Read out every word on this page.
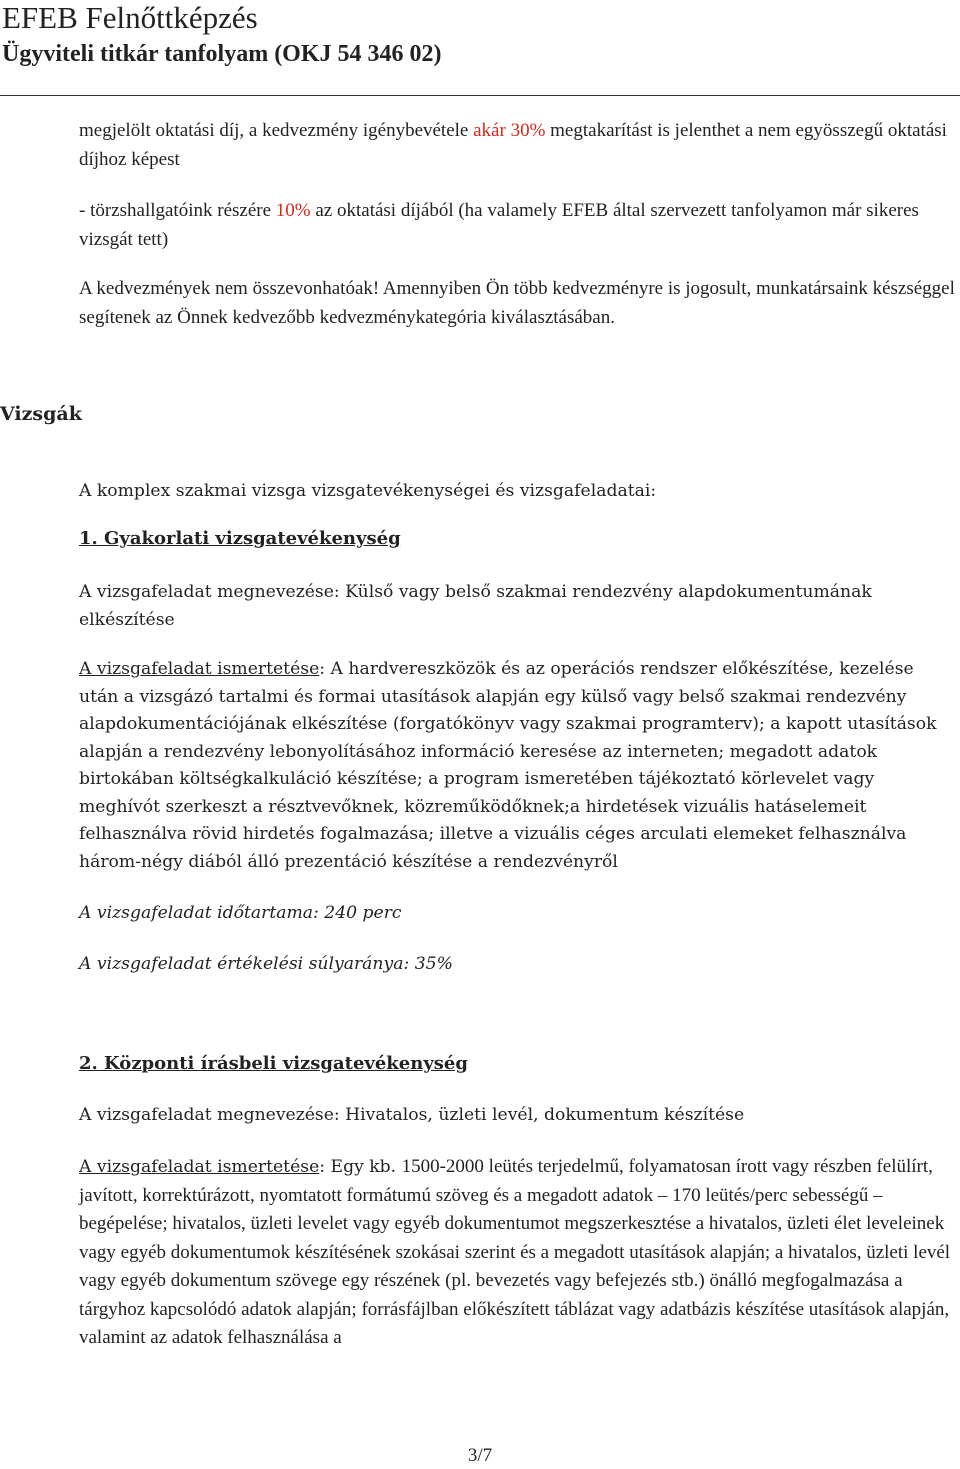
EFEB Felnőttképzés
Ügyviteli titkár tanfolyam (OKJ 54 346 02)

megjelölt oktatási díj, a kedvezmény igénybevétele akár 30% megtakarítást is jelenthet a nem egyösszegű oktatási díjhoz képest

- törzshallgatóink részére 10% az oktatási díjából (ha valamely EFEB által szervezett tanfolyamon már sikeres vizsgát tett)

A kedvezmények nem összevonhatóak! Amennyiben Ön több kedvezményre is jogosult, munkatársaink készséggel segítenek az Önnek kedvezőbb kedvezménykategória kiválasztásában.

Vizsgák

A komplex szakmai vizsga vizsgatevékenységei és vizsgafeladatai:

1. Gyakorlati vizsgatevékenység

A vizsgafeladat megnevezése: Külső vagy belső szakmai rendezvény alapdokumentumának elkészítése

A vizsgafeladat ismertetése: A hardvereszközök és az operációs rendszer előkészítése, kezelése után a vizsgázó tartalmi és formai utasítások alapján egy külső vagy belső szakmai rendezvény alapdokumentációjának elkészítése (forgatókönyv vagy szakmai programterv); a kapott utasítások alapján a rendezvény lebonyolításához információ keresése az interneten; megadott adatok birtokában költségkalkuláció készítése; a program ismeretében tájékoztató körlevelet vagy meghívót szerkeszt a résztvevőknek, közreműködőknek;a hirdetések vizuális hatáselemeit felhasználva rövid hirdetés fogalmazása; illetve a vizuális céges arculati elemeket felhasználva három-négy diából álló prezentáció készítése a rendezvényről

A vizsgafeladat időtartama: 240 perc

A vizsgafeladat értékelési súlyaránya: 35%

2. Központi írásbeli vizsgatevékenység

A vizsgafeladat megnevezése: Hivatalos, üzleti levél, dokumentum készítése

A vizsgafeladat ismertetése: Egy kb. 1500-2000 leütés terjedelmű, folyamatosan írott vagy részben felülírt, javított, korrektúrázott, nyomtatott formátumú szöveg és a megadott adatok – 170 leütés/perc sebességű – begépelése; hivatalos, üzleti levelet vagy egyéb dokumentumot megszerkesztése a hivatalos, üzleti élet leveleinek vagy egyéb dokumentumok készítésének szokásai szerint és a megadott utasítások alapján; a hivatalos, üzleti levél vagy egyéb dokumentum szövege egy részének (pl. bevezetés vagy befejezés stb.) önálló megfogalmazása a tárgyhoz kapcsolódó adatok alapján; forrásfájlban előkészített táblázat vagy adatbázis készítése utasítások alapján, valamint az adatok felhasználása a

3/7
